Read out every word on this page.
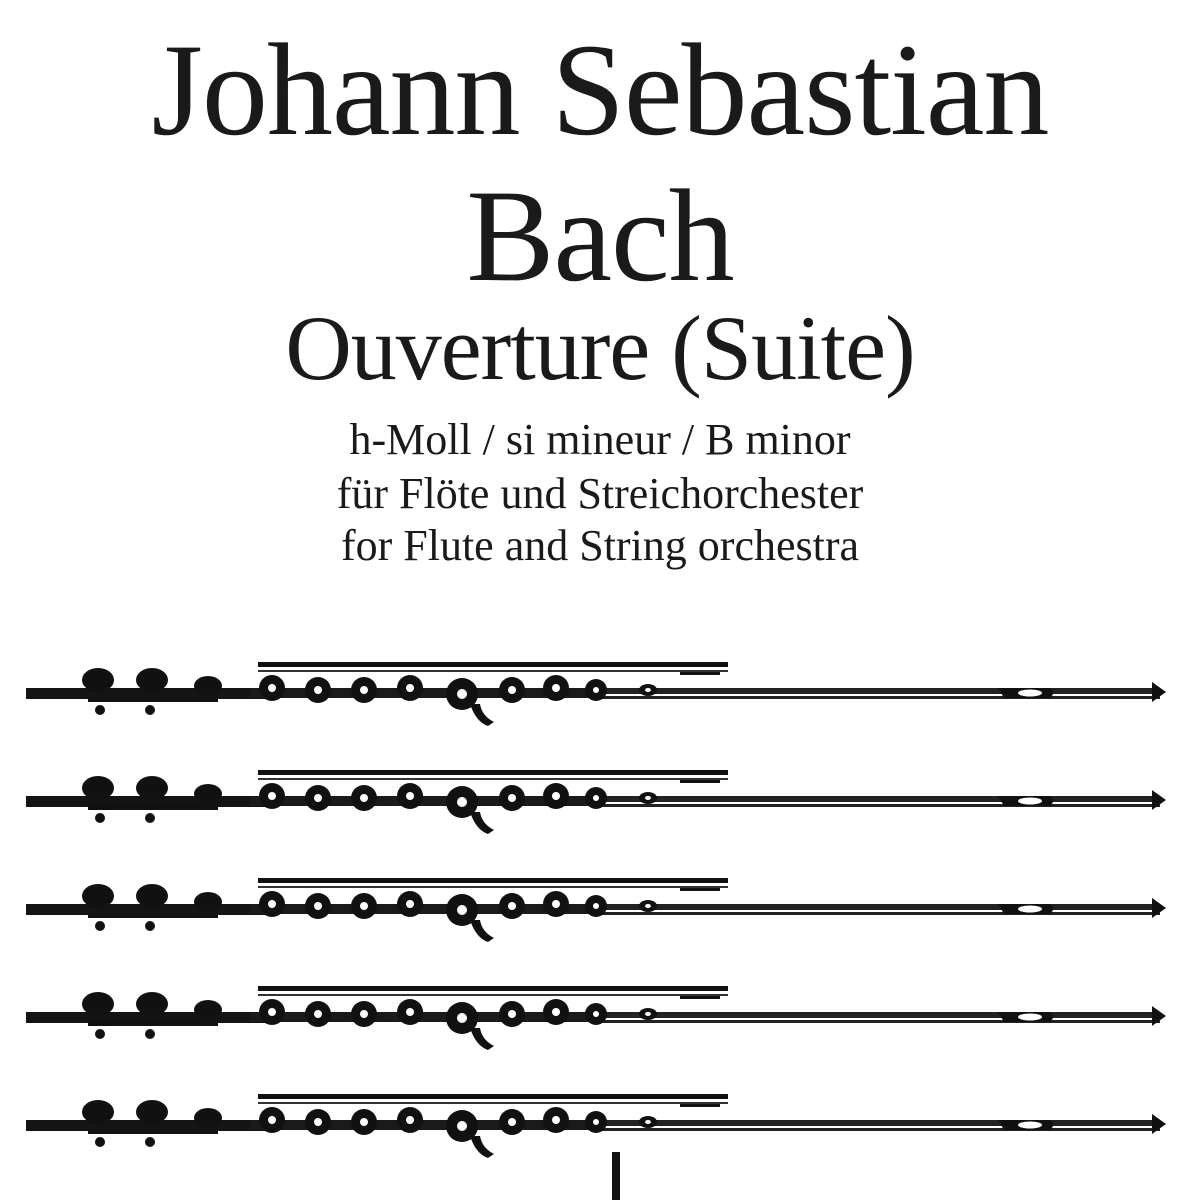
Johann Sebastian
Bach
Ouverture (Suite)
h-Moll / si mineur / B minor
für Flöte und Streichorchester
for Flute and String orchestra
